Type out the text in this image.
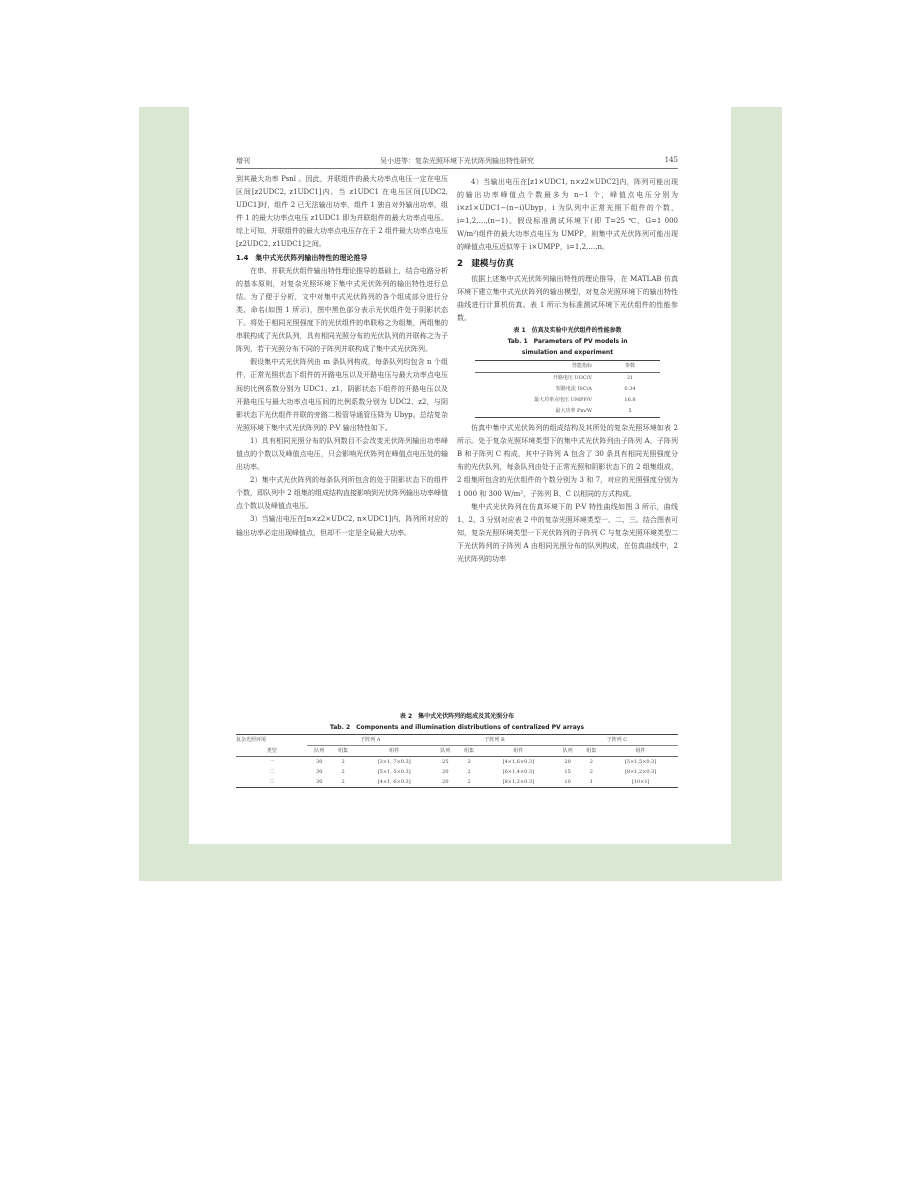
增刊	吴小进等：复杂光照环境下光伏阵列输出特性研究	145

到其最大功率 Psnl 。因此，并联组件的最大功率点电压一定在电压区间[z2UDC2, z1UDC1]内。当 z1UDC1 在电压区间[UDC2, UDC1]时，组件 2 已无法输出功率，组件 1 独自对外输出功率，组件 1 的最大功率点电压 z1UDC1 即为并联组件的最大功率点电压。综上可知，并联组件的最大功率点电压存在于 2 组件最大功率点电压[z2UDC2, z1UDC1]之间。

1.4　集中式光伏阵列输出特性的理论推导

在串、并联光伏组件输出特性理论推导的基础上，结合电路分析的基本原则，对复杂光照环境下集中式光伏阵列的输出特性进行总结。为了便于分析，文中对集中式光伏阵列的各个组成部分进行分类、命名(如图 1 所示)，图中黑色部分表示光伏组件处于阴影状态下。将处于相同光照强度下的光伏组件的串联称之为组集，两组集的串联构成了光伏队列，具有相同光照分布的光伏队列的并联称之为子阵列，若干光照分布不同的子阵列并联构成了集中式光伏阵列。

假设集中式光伏阵列由 m 条队列构成，每条队列均包含 n 个组件，正常光照状态下组件的开路电压以及开路电压与最大功率点电压间的比例系数分别为 UDC1、z1，阴影状态下组件的开路电压以及开路电压与最大功率点电压间的比例系数分别为 UDC2、z2，与阴影状态下光伏组件并联的旁路二极管导通管压降为 Ubyp。总结复杂光照环境下集中式光伏阵列的 P-V 输出特性如下。

1）具有相同光照分布的队列数目不会改变光伏阵列输出功率峰值点的个数以及峰值点电压，只会影响光伏阵列在峰值点电压处的输出功率。

2）集中式光伏阵列的每条队列所包含的处于阴影状态下的组件个数，即队列中 2 组集的组成结构直接影响到光伏阵列输出功率峰值点个数以及峰值点电压。

3）当输出电压在[n×z2×UDC2, n×UDC1]内，阵列所对应的输出功率必定出现峰值点，但却不一定是全局最大功率。

4）当输出电压在[z1×UDC1, n×z2×UDC2]内，阵列可能出现的输出功率峰值点个数最多为 n−1 个，峰值点电压分别为 i×z1×UDC1−(n−i)Ubyp，i 为队列中正常光照下组件的个数，i=1,2,…,(n−1)。假设标准测试环境下(即 T=25 ℃、G=1 000 W/m²)组件的最大功率点电压为 UMPP，则集中式光伏阵列可能出现的峰值点电压近似等于 i×UMPP，i=1,2,…,n。

2　建模与仿真

依据上述集中式光伏阵列输出特性的理论推导，在 MATLAB 仿真环境下建立集中式光伏阵列的输出模型，对复杂光照环境下的输出特性曲线进行计算机仿真。表 1 所示为标准测试环境下光伏组件的性能参数。

表 1　仿真及实验中光伏组件的性能参数
Tab. 1　Parameters of PV models in
simulation and experiment
性能指标	参数
开路电压 UOC/V	21
短路电流 ISC/A	0.34
最大功率点电压 UMPP/V	16.8
最大功率 Pm/W	5

仿真中集中式光伏阵列的组成结构及其所处的复杂光照环境如表 2 所示。处于复杂光照环境类型下的集中式光伏阵列由子阵列 A、子阵列 B 和子阵列 C 构成，其中子阵列 A 包含了 30 条具有相同光照强度分布的光伏队列，每条队列由处于正常光照和阴影状态下的 2 组集组成，2 组集所包含的光伏组件的个数分别为 3 和 7，对应的光照强度分别为 1 000 和 300 W/m²，子阵列 B、C 以相同的方式构成。

集中式光伏阵列在仿真环境下的 P-V 特性曲线如图 3 所示，曲线 1、2、3 分别对应表 2 中的复杂光照环境类型一、二、三。结合图表可知，复杂光照环境类型一下光伏阵列的子阵列 C 与复杂光照环境类型二下光伏阵列的子阵列 A 由相同光照分布的队列构成，在仿真曲线中，2 光伏阵列的功率

表 2　集中式光伏阵列的组成及其光照分布
Tab. 2　Components and illumination distributions of centralized PV arrays
复杂光照环境	子阵列 A			子阵列 B			子阵列 C		
类型	队列	组集	组件	队列	组集	组件	队列	组集	组件
一	30	2	[3×1, 7×0.3]	25	2	[4×1,6×0.3]	20	2	[5×1,5×0.3]
二	30	2	[5×1, 5×0.3]	20	2	[6×1,4×0.3]	15	2	[8×1,2×0.3]
三	30	2	[4×1, 6×0.3]	20	2	[8×1,2×0.3]	10	1	[10×1]
